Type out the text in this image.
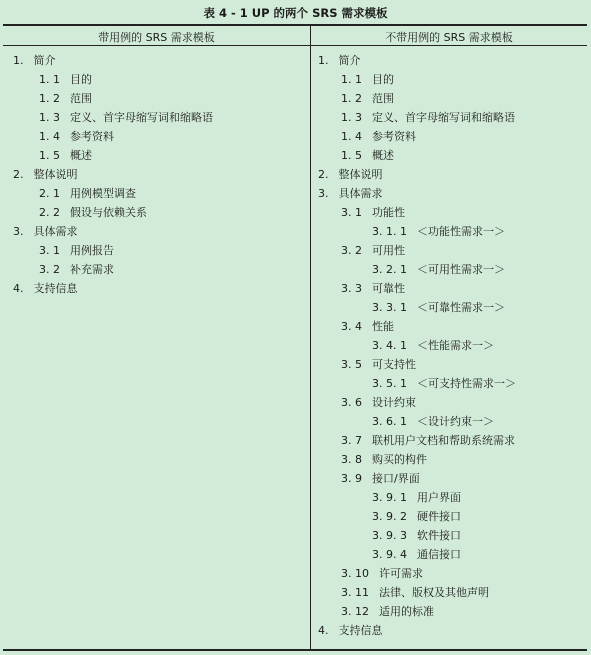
表 4 - 1 UP 的两个 SRS 需求模板
带用例的 SRS 需求模板	不带用例的 SRS 需求模板
1. 简介
1. 1 目的
1. 2 范围
1. 3 定义、首字母缩写词和缩略语
1. 4 参考资料
1. 5 概述
2. 整体说明
2. 1 用例模型调查
2. 2 假设与依赖关系
3. 具体需求
3. 1 用例报告
3. 2 补充需求
4. 支持信息
1. 简介
1. 1 目的
1. 2 范围
1. 3 定义、首字母缩写词和缩略语
1. 4 参考资料
1. 5 概述
2. 整体说明
3. 具体需求
3. 1 功能性
3. 1. 1 ＜功能性需求一＞
3. 2 可用性
3. 2. 1 ＜可用性需求一＞
3. 3 可靠性
3. 3. 1 ＜可靠性需求一＞
3. 4 性能
3. 4. 1 ＜性能需求一＞
3. 5 可支持性
3. 5. 1 ＜可支持性需求一＞
3. 6 设计约束
3. 6. 1 ＜设计约束一＞
3. 7 联机用户文档和帮助系统需求
3. 8 购买的构件
3. 9 接口/界面
3. 9. 1 用户界面
3. 9. 2 硬件接口
3. 9. 3 软件接口
3. 9. 4 通信接口
3. 10 许可需求
3. 11 法律、版权及其他声明
3. 12 适用的标准
4. 支持信息
